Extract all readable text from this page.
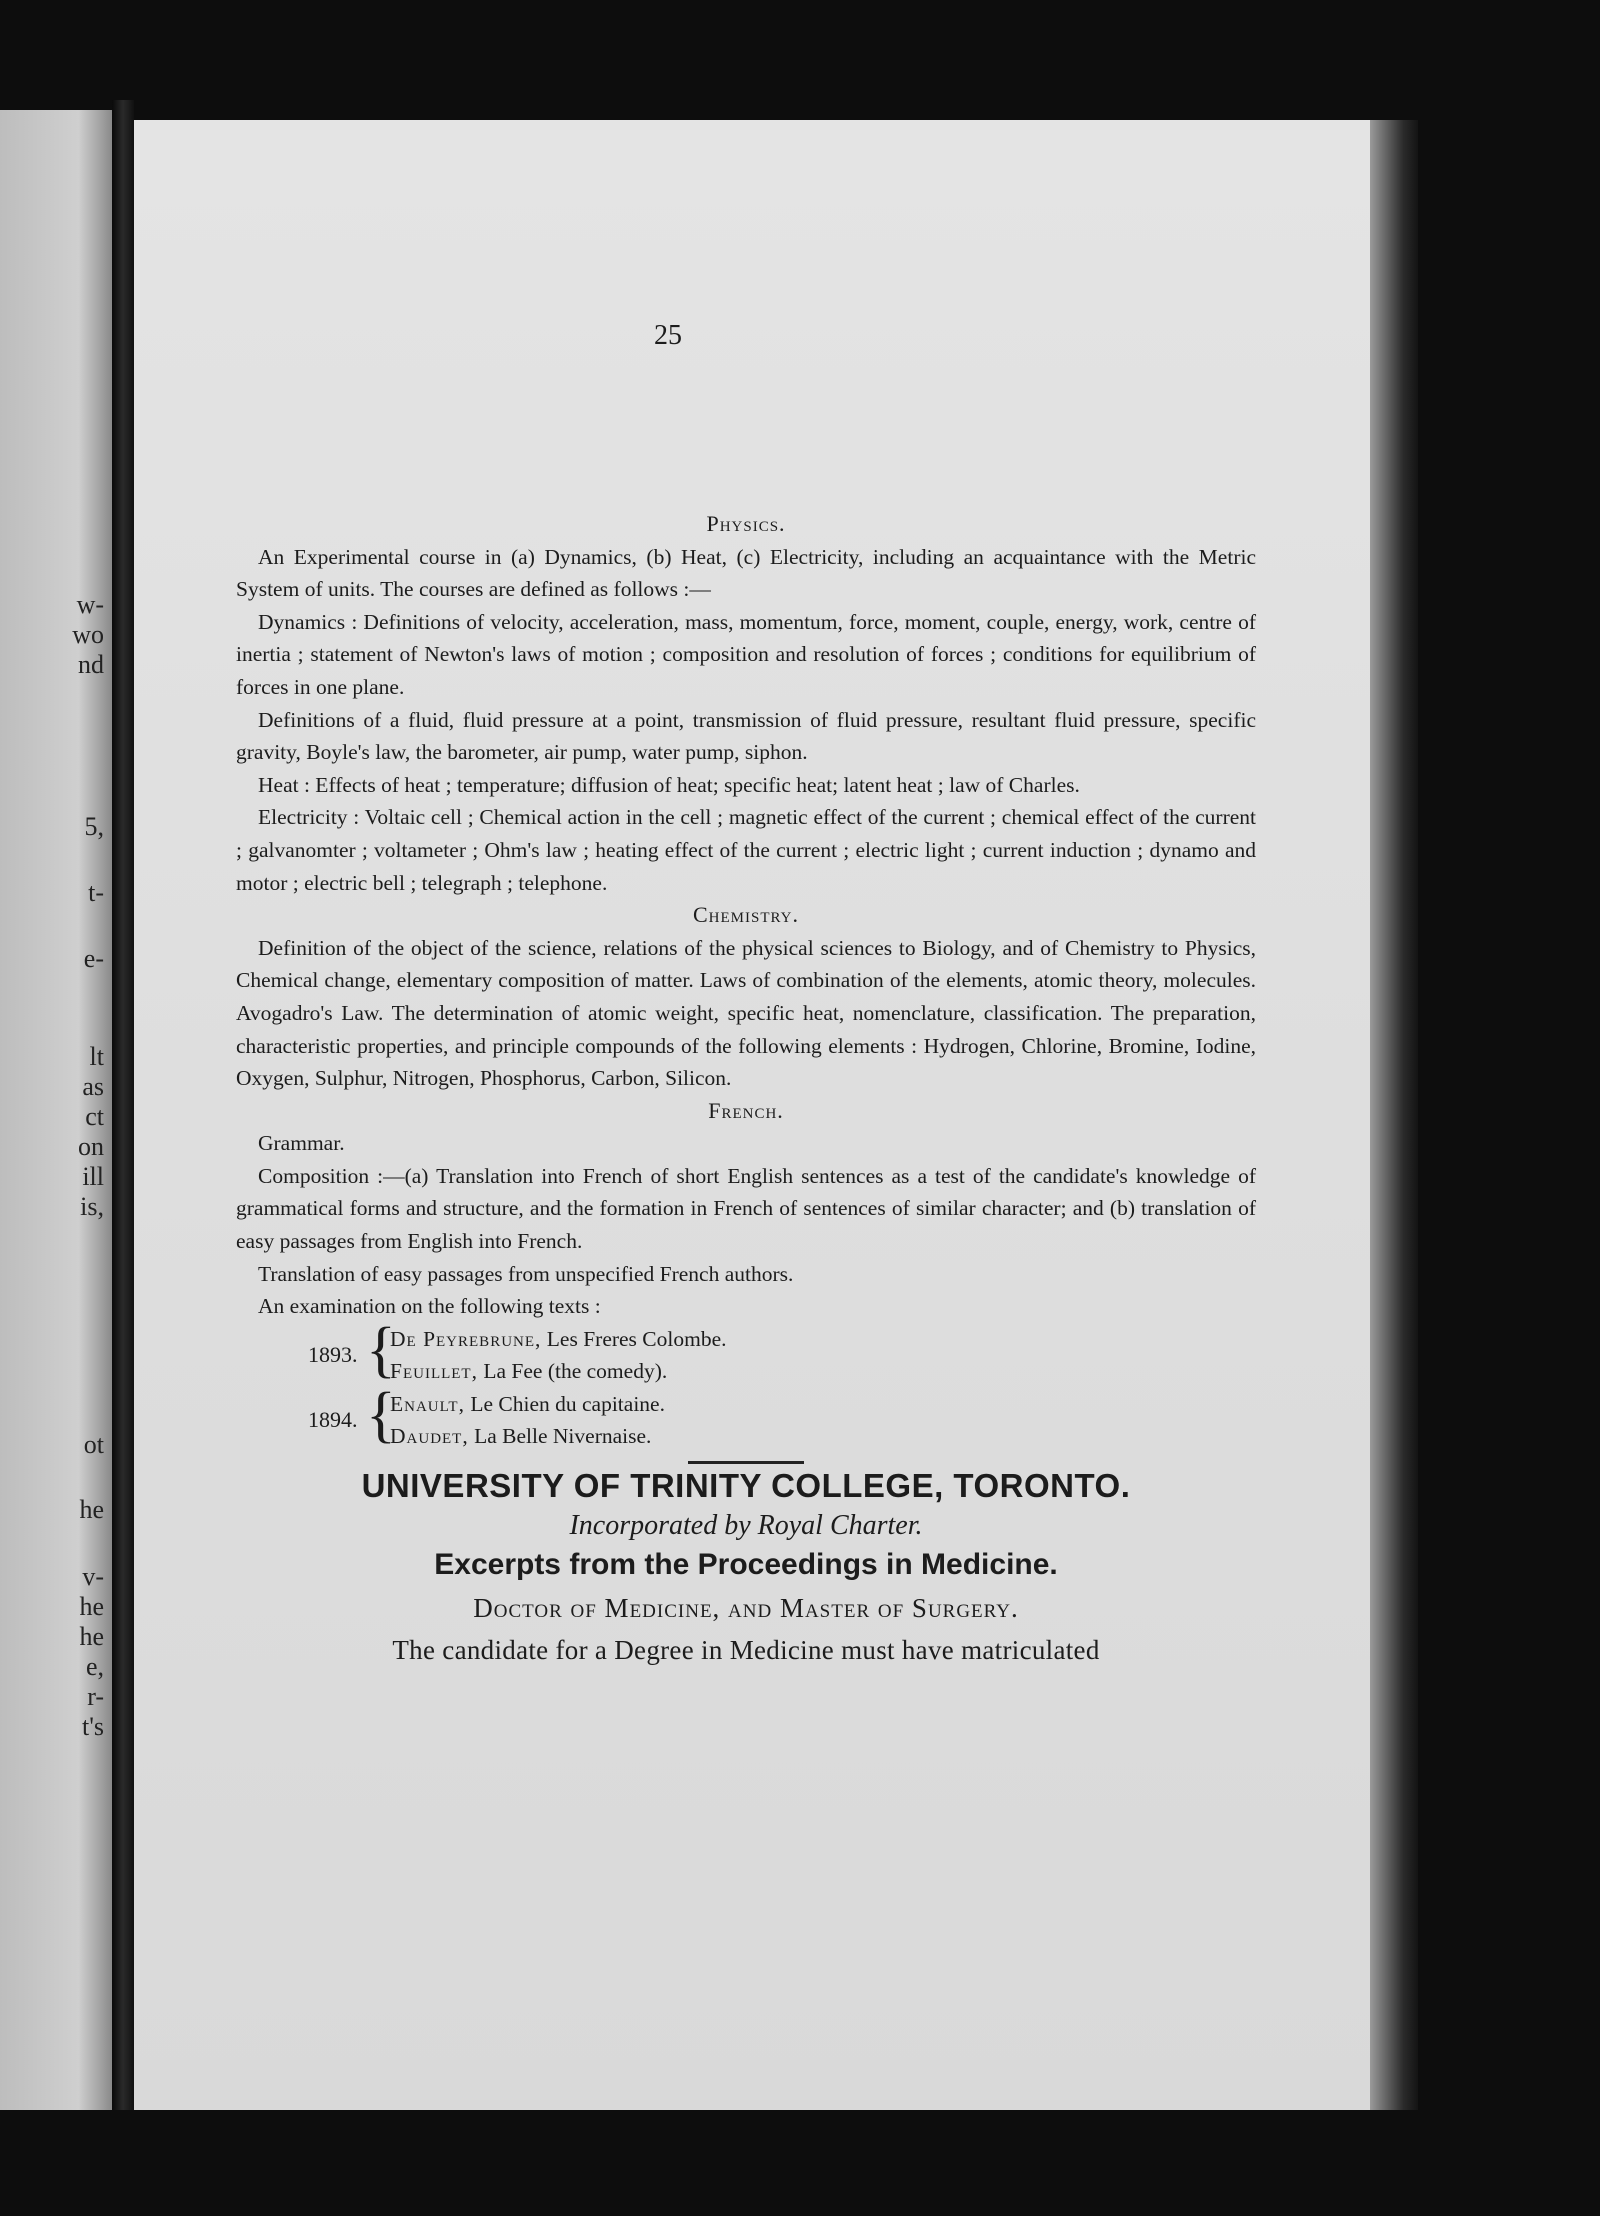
w-
wo
nd
5,
t-
e-
lt
as
ct
on
ill
is,
ot
he
v-
he
he
e,
r-
t's
25

Physics.

An Experimental course in (a) Dynamics, (b) Heat, (c) Electricity, including an acquaintance with the Metric System of units. The courses are defined as follows :—

Dynamics : Definitions of velocity, acceleration, mass, momentum, force, moment, couple, energy, work, centre of inertia ; statement of Newton's laws of motion ; composition and resolution of forces ; conditions for equilibrium of forces in one plane.

Definitions of a fluid, fluid pressure at a point, transmission of fluid pressure, resultant fluid pressure, specific gravity, Boyle's law, the barometer, air pump, water pump, siphon.

Heat : Effects of heat ; temperature; diffusion of heat; specific heat; latent heat ; law of Charles.

Electricity : Voltaic cell ; Chemical action in the cell ; magnetic effect of the current ; chemical effect of the current ; galvanomter ; voltameter ; Ohm's law ; heating effect of the current ; electric light ; current induction ; dynamo and motor ; electric bell ; telegraph ; telephone.

Chemistry.

Definition of the object of the science, relations of the physical sciences to Biology, and of Chemistry to Physics, Chemical change, elementary composition of matter. Laws of combination of the elements, atomic theory, molecules. Avogadro's Law. The determination of atomic weight, specific heat, nomenclature, classification. The preparation, characteristic properties, and principle compounds of the following elements : Hydrogen, Chlorine, Bromine, Iodine, Oxygen, Sulphur, Nitrogen, Phosphorus, Carbon, Silicon.

French.

Grammar.

Composition :—(a) Translation into French of short English sentences as a test of the candidate's knowledge of grammatical forms and structure, and the formation in French of sentences of similar character; and (b) translation of easy passages from English into French.

Translation of easy passages from unspecified French authors.

An examination on the following texts :

1893. {
De Peyrebrune, Les Freres Colombe.
Feuillet, La Fee (the comedy).
1894. {
Enault, Le Chien du capitaine.
Daudet, La Belle Nivernaise.
UNIVERSITY OF TRINITY COLLEGE, TORONTO.
Incorporated by Royal Charter.
Excerpts from the Proceedings in Medicine.
Doctor of Medicine, and Master of Surgery.
The candidate for a Degree in Medicine must have matriculated
